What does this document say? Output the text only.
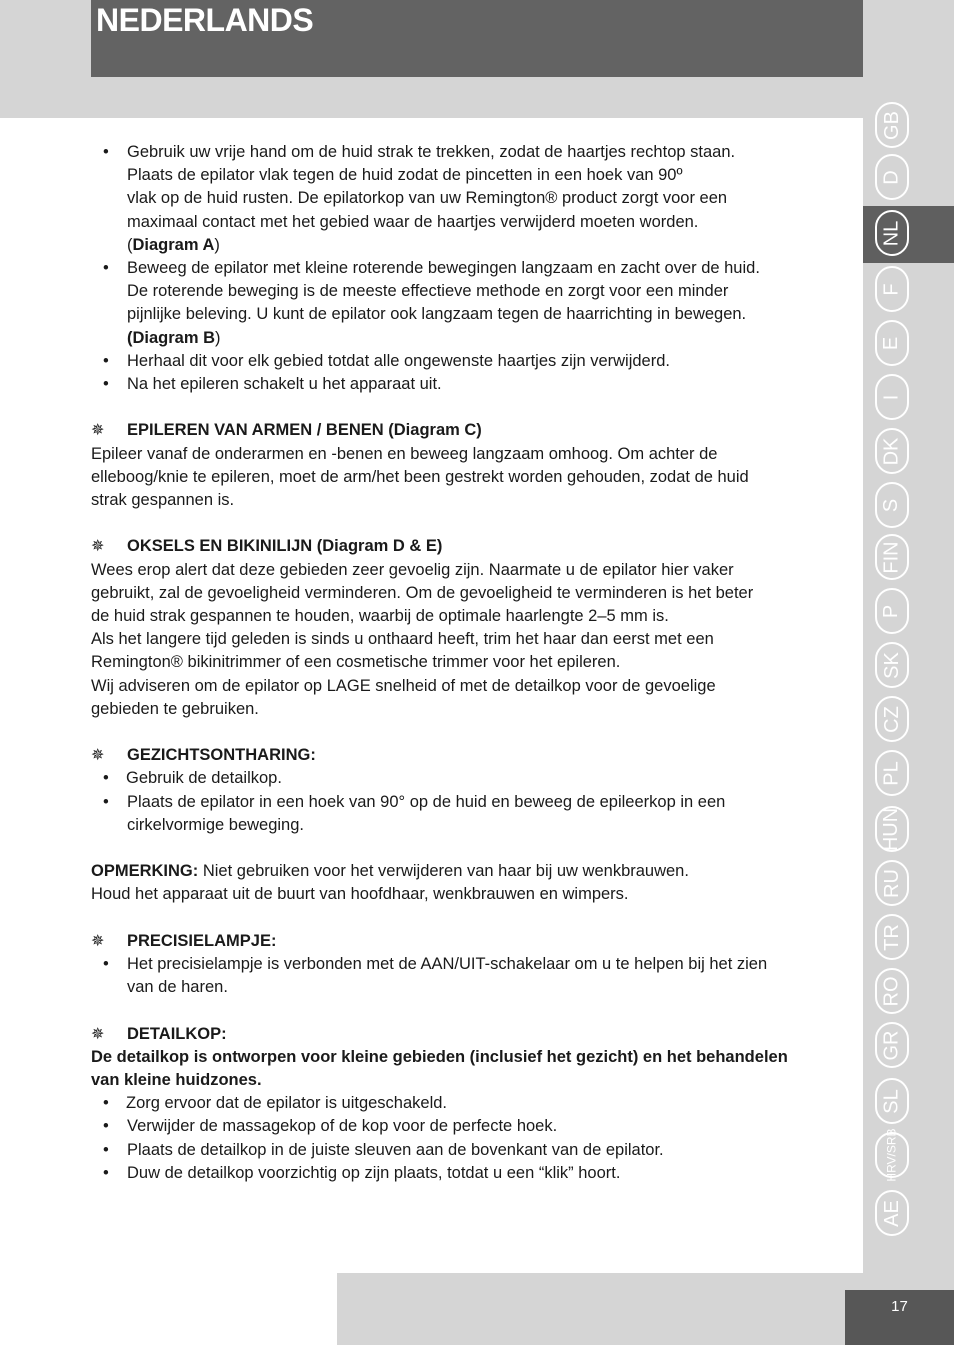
NEDERLANDS
17
GB
D
NL
F
E
I
DK
S
FIN
P
SK
CZ
PL
HUN
RU
TR
RO
GR
SL
HRV/SRB
AE

• Gebruik uw vrije hand om de huid strak te trekken, zodat de haartjes rechtop staan.

Plaats de epilator vlak tegen de huid zodat de pincetten in een hoek van 90º

vlak op de huid rusten. De epilatorkop van uw Remington® product zorgt voor een

maximaal contact met het gebied waar de haartjes verwijderd moeten worden.

(Diagram A)

• Beweeg de epilator met kleine roterende bewegingen langzaam en zacht over de huid.

De roterende beweging is de meeste effectieve methode en zorgt voor een minder

pijnlijke beleving. U kunt de epilator ook langzaam tegen de haarrichting in bewegen.

(Diagram B)

• Herhaal dit voor elk gebied totdat alle ongewenste haartjes zijn verwijderd.

• Na het epileren schakelt u het apparaat uit.

✵ EPILEREN VAN ARMEN / BENEN (Diagram C)

Epileer vanaf de onderarmen en -benen en beweeg langzaam omhoog. Om achter de

elleboog/knie te epileren, moet de arm/het been gestrekt worden gehouden, zodat de huid

strak gespannen is.

✵ OKSELS EN BIKINILIJN (Diagram D & E)

Wees erop alert dat deze gebieden zeer gevoelig zijn. Naarmate u de epilator hier vaker

gebruikt, zal de gevoeligheid verminderen. Om de gevoeligheid te verminderen is het beter

de huid strak gespannen te houden, waarbij de optimale haarlengte 2–5 mm is.

Als het langere tijd geleden is sinds u onthaard heeft, trim het haar dan eerst met een

Remington® bikinitrimmer of een cosmetische trimmer voor het epileren.

Wij adviseren om de epilator op LAGE snelheid of met de detailkop voor de gevoelige

gebieden te gebruiken.

✵ GEZICHTSONTHARING:

• Gebruik de detailkop.

• Plaats de epilator in een hoek van 90° op de huid en beweeg de epileerkop in een

cirkelvormige beweging.

OPMERKING: Niet gebruiken voor het verwijderen van haar bij uw wenkbrauwen.

Houd het apparaat uit de buurt van hoofdhaar, wenkbrauwen en wimpers.

✵ PRECISIELAMPJE:

• Het precisielampje is verbonden met de AAN/UIT-schakelaar om u te helpen bij het zien

van de haren.

✵ DETAILKOP:

De detailkop is ontworpen voor kleine gebieden (inclusief het gezicht) en het behandelen

van kleine huidzones.

• Zorg ervoor dat de epilator is uitgeschakeld.

• Verwijder de massagekop of de kop voor de perfecte hoek.

• Plaats de detailkop in de juiste sleuven aan de bovenkant van de epilator.

• Duw de detailkop voorzichtig op zijn plaats, totdat u een “klik” hoort.
